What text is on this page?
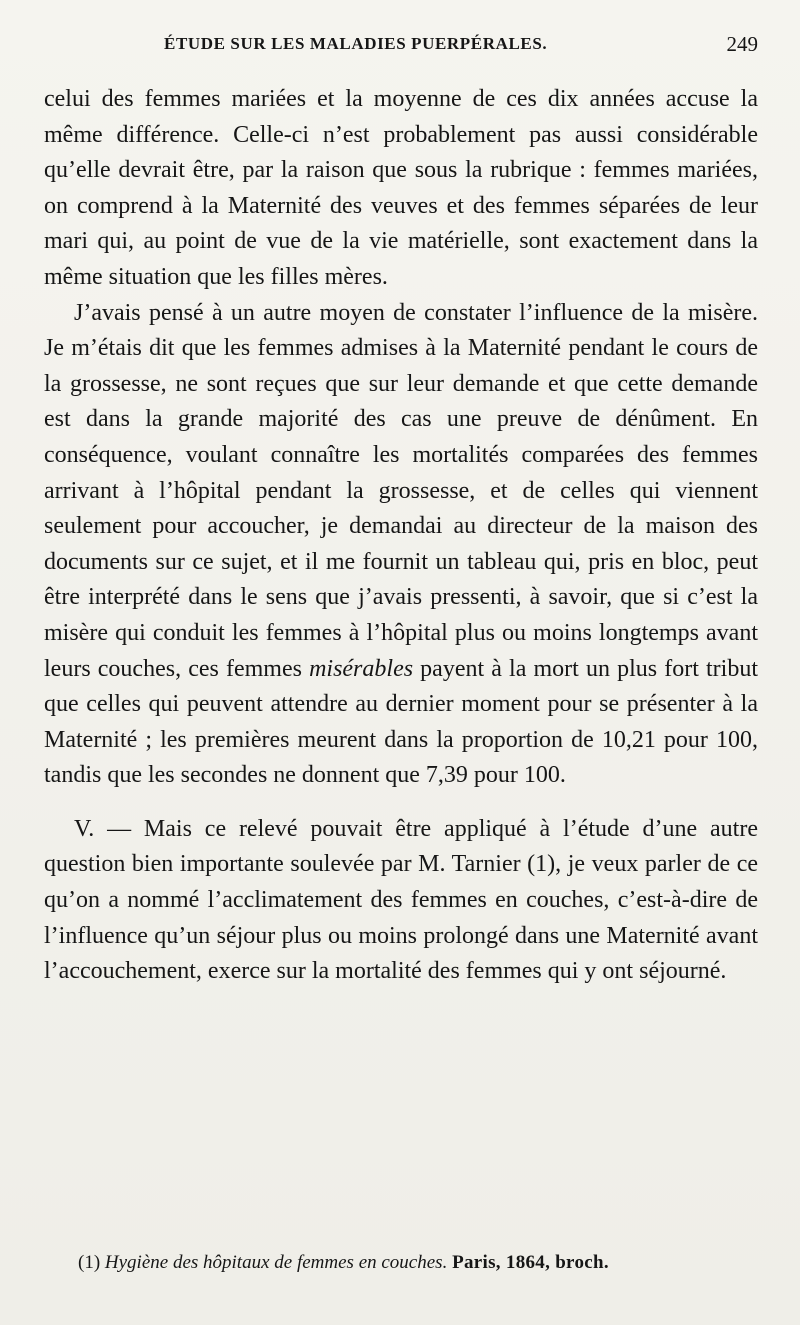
ÉTUDE SUR LES MALADIES PUERPÉRALES.	249

celui des femmes mariées et la moyenne de ces dix années accuse la même différence. Celle-ci n’est probablement pas aussi considérable qu’elle devrait être, par la raison que sous la rubrique : femmes mariées, on comprend à la Maternité des veuves et des femmes séparées de leur mari qui, au point de vue de la vie matérielle, sont exactement dans la même situation que les filles mères.

J’avais pensé à un autre moyen de constater l’influence de la misère. Je m’étais dit que les femmes admises à la Maternité pendant le cours de la grossesse, ne sont reçues que sur leur demande et que cette demande est dans la grande majorité des cas une preuve de dénûment. En conséquence, voulant connaître les mortalités comparées des femmes arrivant à l’hôpital pendant la grossesse, et de celles qui viennent seulement pour accoucher, je demandai au directeur de la maison des documents sur ce sujet, et il me fournit un tableau qui, pris en bloc, peut être interprété dans le sens que j’avais pressenti, à savoir, que si c’est la misère qui conduit les femmes à l’hôpital plus ou moins longtemps avant leurs couches, ces femmes misérables payent à la mort un plus fort tribut que celles qui peuvent attendre au dernier moment pour se présenter à la Maternité ; les premières meurent dans la proportion de 10,21 pour 100, tandis que les secondes ne donnent que 7,39 pour 100.

V. — Mais ce relevé pouvait être appliqué à l’étude d’une autre question bien importante soulevée par M. Tarnier (1), je veux parler de ce qu’on a nommé l’acclimatement des femmes en couches, c’est-à-dire de l’influence qu’un séjour plus ou moins prolongé dans une Maternité avant l’accouchement, exerce sur la mortalité des femmes qui y ont séjourné.

(1) Hygiène des hôpitaux de femmes en couches. Paris, 1864, broch.
